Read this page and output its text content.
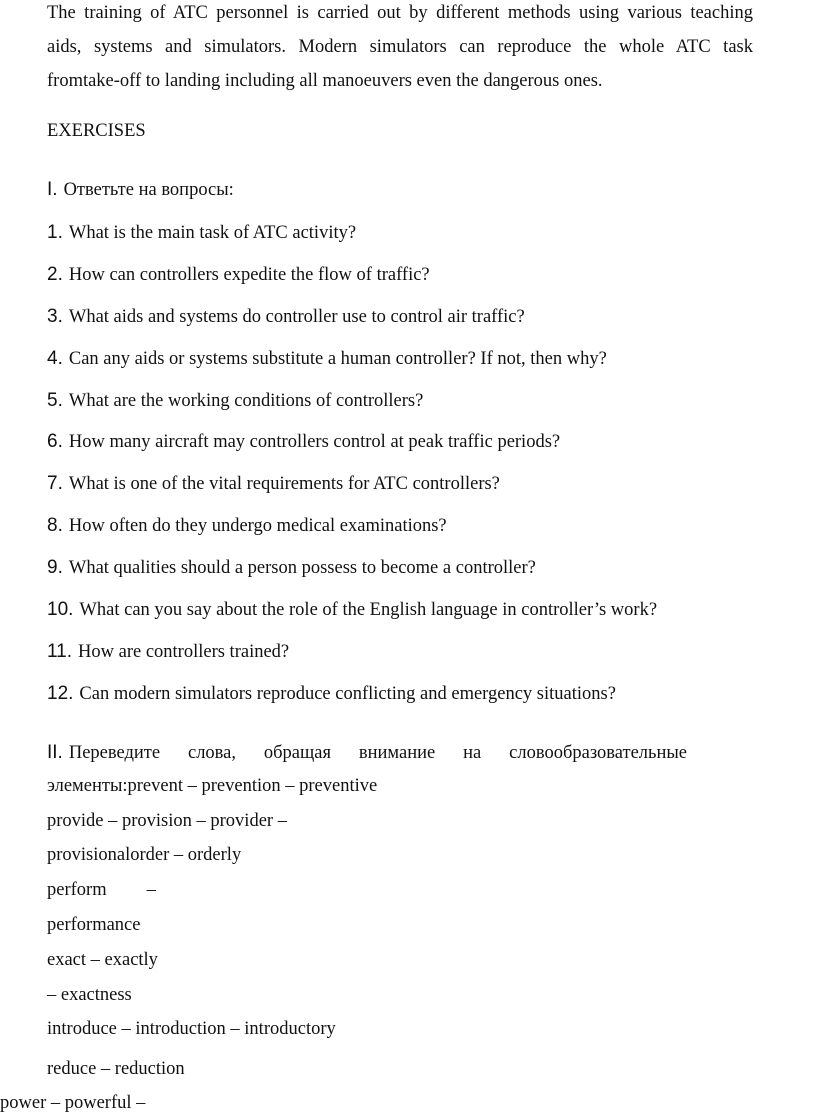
The training of ATC personnel is carried out by different methods using various teaching
aids, systems and simulators. Modern simulators can reproduce the whole ATC task
fromtake-off to landing including all manoeuvers even the dangerous ones.
EXERCISES
I. Ответьте на вопросы:
1. What is the main task of ATC activity?
2. How can controllers expedite the flow of traffic?
3. What aids and systems do controller use to control air traffic?
4. Can any aids or systems substitute a human controller? If not, then why?
5. What are the working conditions of controllers?
6. How many aircraft may controllers control at peak traffic periods?
7. What is one of the vital requirements for ATC controllers?
8. How often do they undergo medical examinations?
9. What qualities should a person possess to become a controller?
10. What can you say about the role of the English language in controller’s work?
11. How are controllers trained?
12. Can modern simulators reproduce conflicting and emergency situations?
II. Переведите слова, обращая внимание на словообразовательные
элементы:prevent – prevention – preventive
provide – provision – provider –
provisionalorder – orderly
perform –
performance
exact – exactly
– exactness
introduce – introduction – introductory
reduce – reduction
power – powerful –
